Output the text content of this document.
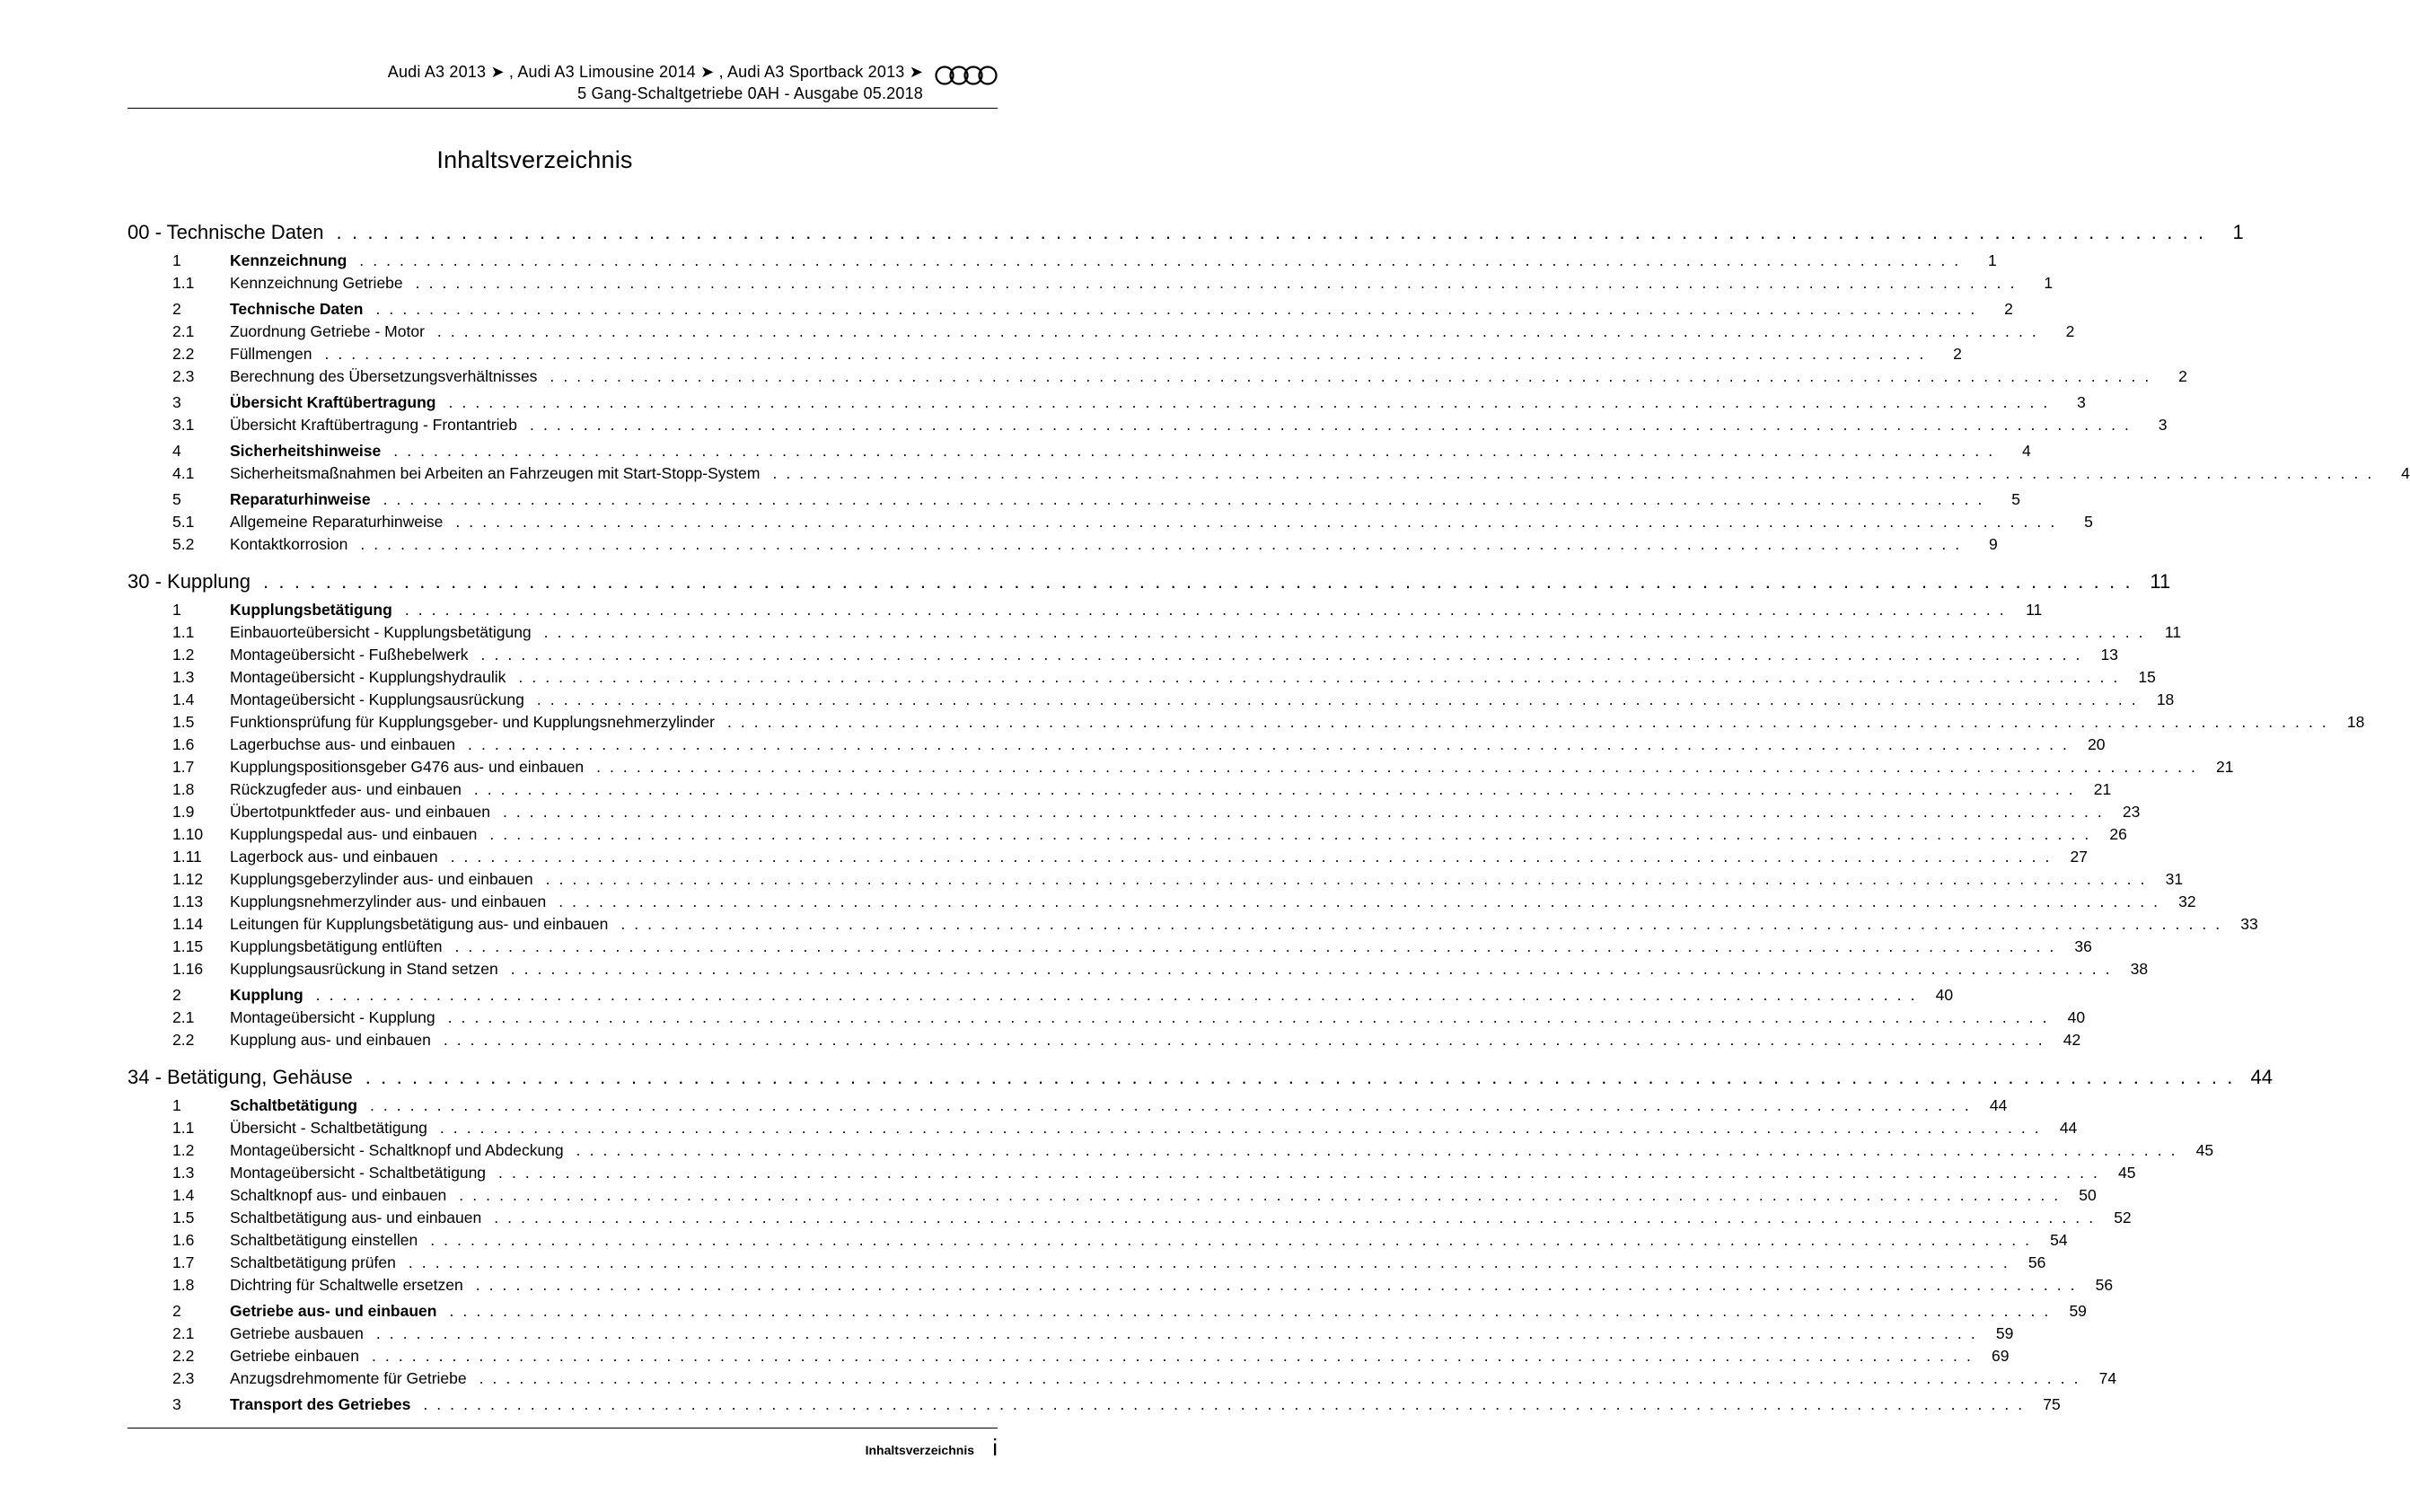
Audi A3 2013 ➤ , Audi A3 Limousine 2014 ➤ , Audi A3 Sportback 2013 ➤
5 Gang-Schaltgetriebe 0AH - Ausgabe 05.2018
Inhaltsverzeichnis
00 - Technische Daten . . . . . . . . . . . . . . . . . . . . . . . . . . . . . . . . . . . . . . . . . . . . . . . . . . . . . . . . . . . . . . . . . . . . . . . . . . . . . . . . . . . . . . . . . . . . . . . . . . . . . . . . . . . . . . . . . . . . . . . .	1
1	Kennzeichnung . . . . . . . . . . . . . . . . . . . . . . . . . . . . . . . . . . . . . . . . . . . . . . . . . . . . . . . . . . . . . . . . . . . . . . . . . . . . . . . . . . . . . . . . . . . . . . . . . . . . . . . . . . . . . . . . . . . . . . . .	1
1.1	Kennzeichnung Getriebe . . . . . . . . . . . . . . . . . . . . . . . . . . . . . . . . . . . . . . . . . . . . . . . . . . . . . . . . . . . . . . . . . . . . . . . . . . . . . . . . . . . . . . . . . . . . . . . . . . . . . . . . . . . . . . . . . . . . . . . .	1
2	Technische Daten . . . . . . . . . . . . . . . . . . . . . . . . . . . . . . . . . . . . . . . . . . . . . . . . . . . . . . . . . . . . . . . . . . . . . . . . . . . . . . . . . . . . . . . . . . . . . . . . . . . . . . . . . . . . . . . . . . . . . . . .	2
2.1	Zuordnung Getriebe - Motor . . . . . . . . . . . . . . . . . . . . . . . . . . . . . . . . . . . . . . . . . . . . . . . . . . . . . . . . . . . . . . . . . . . . . . . . . . . . . . . . . . . . . . . . . . . . . . . . . . . . . . . . . . . . . . . . . . . . . . . .	2
2.2	Füllmengen . . . . . . . . . . . . . . . . . . . . . . . . . . . . . . . . . . . . . . . . . . . . . . . . . . . . . . . . . . . . . . . . . . . . . . . . . . . . . . . . . . . . . . . . . . . . . . . . . . . . . . . . . . . . . . . . . . . . . . . .	2
2.3	Berechnung des Übersetzungsverhältnisses . . . . . . . . . . . . . . . . . . . . . . . . . . . . . . . . . . . . . . . . . . . . . . . . . . . . . . . . . . . . . . . . . . . . . . . . . . . . . . . . . . . . . . . . . . . . . . . . . . . . . . . . . . . . . . . . . . . . . . . .	2
3	Übersicht Kraftübertragung . . . . . . . . . . . . . . . . . . . . . . . . . . . . . . . . . . . . . . . . . . . . . . . . . . . . . . . . . . . . . . . . . . . . . . . . . . . . . . . . . . . . . . . . . . . . . . . . . . . . . . . . . . . . . . . . . . . . . . . .	3
3.1	Übersicht Kraftübertragung - Frontantrieb . . . . . . . . . . . . . . . . . . . . . . . . . . . . . . . . . . . . . . . . . . . . . . . . . . . . . . . . . . . . . . . . . . . . . . . . . . . . . . . . . . . . . . . . . . . . . . . . . . . . . . . . . . . . . . . . . . . . . . . .	3
4	Sicherheitshinweise . . . . . . . . . . . . . . . . . . . . . . . . . . . . . . . . . . . . . . . . . . . . . . . . . . . . . . . . . . . . . . . . . . . . . . . . . . . . . . . . . . . . . . . . . . . . . . . . . . . . . . . . . . . . . . . . . . . . . . . .	4
4.1	Sicherheitsmaßnahmen bei Arbeiten an Fahrzeugen mit Start-Stopp-System . . . . . . . . . . . . . . . . . . . . . . . . . . . . . . . . . . . . . . . . . . . . . . . . . . . . . . . . . . . . . . . . . . . . . . . . . . . . . . . . . . . . . . . . . . . . . . . . . . . . . . . . . . . . . . . . . . . . . . . .	4
5	Reparaturhinweise . . . . . . . . . . . . . . . . . . . . . . . . . . . . . . . . . . . . . . . . . . . . . . . . . . . . . . . . . . . . . . . . . . . . . . . . . . . . . . . . . . . . . . . . . . . . . . . . . . . . . . . . . . . . . . . . . . . . . . . .	5
5.1	Allgemeine Reparaturhinweise . . . . . . . . . . . . . . . . . . . . . . . . . . . . . . . . . . . . . . . . . . . . . . . . . . . . . . . . . . . . . . . . . . . . . . . . . . . . . . . . . . . . . . . . . . . . . . . . . . . . . . . . . . . . . . . . . . . . . . . .	5
5.2	Kontaktkorrosion . . . . . . . . . . . . . . . . . . . . . . . . . . . . . . . . . . . . . . . . . . . . . . . . . . . . . . . . . . . . . . . . . . . . . . . . . . . . . . . . . . . . . . . . . . . . . . . . . . . . . . . . . . . . . . . . . . . . . . . .	9
30 - Kupplung . . . . . . . . . . . . . . . . . . . . . . . . . . . . . . . . . . . . . . . . . . . . . . . . . . . . . . . . . . . . . . . . . . . . . . . . . . . . . . . . . . . . . . . . . . . . . . . . . . . . . . . . . . . . . . . . . . . . . . . . 11
1	Kupplungsbetätigung . . . . . . . . . . . . . . . . . . . . . . . . . . . . . . . . . . . . . . . . . . . . . . . . . . . . . . . . . . . . . . . . . . . . . . . . . . . . . . . . . . . . . . . . . . . . . . . . . . . . . . . . . . . . . . . . . . . . . . . .	11
1.1	Einbauorteübersicht - Kupplungsbetätigung . . . . . . . . . . . . . . . . . . . . . . . . . . . . . . . . . . . . . . . . . . . . . . . . . . . . . . . . . . . . . . . . . . . . . . . . . . . . . . . . . . . . . . . . . . . . . . . . . . . . . . . . . . . . . . . . . . . . . . . .	11
1.2	Montageübersicht - Fußhebelwerk . . . . . . . . . . . . . . . . . . . . . . . . . . . . . . . . . . . . . . . . . . . . . . . . . . . . . . . . . . . . . . . . . . . . . . . . . . . . . . . . . . . . . . . . . . . . . . . . . . . . . . . . . . . . . . . . . . . . . . . .	13
1.3	Montageübersicht - Kupplungshydraulik . . . . . . . . . . . . . . . . . . . . . . . . . . . . . . . . . . . . . . . . . . . . . . . . . . . . . . . . . . . . . . . . . . . . . . . . . . . . . . . . . . . . . . . . . . . . . . . . . . . . . . . . . . . . . . . . . . . . . . . .	15
1.4	Montageübersicht - Kupplungsausrückung . . . . . . . . . . . . . . . . . . . . . . . . . . . . . . . . . . . . . . . . . . . . . . . . . . . . . . . . . . . . . . . . . . . . . . . . . . . . . . . . . . . . . . . . . . . . . . . . . . . . . . . . . . . . . . . . . . . . . . . .	18
1.5	Funktionsprüfung für Kupplungsgeber- und Kupplungsnehmerzylinder . . . . . . . . . . . . . . . . . . . . . . . . . . . . . . . . . . . . . . . . . . . . . . . . . . . . . . . . . . . . . . . . . . . . . . . . . . . . . . . . . . . . . . . . . . . . . . . . . . . . . . . . . . . . . . . . . . . . . . . .	18
1.6	Lagerbuchse aus- und einbauen . . . . . . . . . . . . . . . . . . . . . . . . . . . . . . . . . . . . . . . . . . . . . . . . . . . . . . . . . . . . . . . . . . . . . . . . . . . . . . . . . . . . . . . . . . . . . . . . . . . . . . . . . . . . . . . . . . . . . . . .	20
1.7	Kupplungspositionsgeber G476 aus- und einbauen . . . . . . . . . . . . . . . . . . . . . . . . . . . . . . . . . . . . . . . . . . . . . . . . . . . . . . . . . . . . . . . . . . . . . . . . . . . . . . . . . . . . . . . . . . . . . . . . . . . . . . . . . . . . . . . . . . . . . . . .	21
1.8	Rückzugfeder aus- und einbauen . . . . . . . . . . . . . . . . . . . . . . . . . . . . . . . . . . . . . . . . . . . . . . . . . . . . . . . . . . . . . . . . . . . . . . . . . . . . . . . . . . . . . . . . . . . . . . . . . . . . . . . . . . . . . . . . . . . . . . . .	21
1.9	Übertotpunktfeder aus- und einbauen . . . . . . . . . . . . . . . . . . . . . . . . . . . . . . . . . . . . . . . . . . . . . . . . . . . . . . . . . . . . . . . . . . . . . . . . . . . . . . . . . . . . . . . . . . . . . . . . . . . . . . . . . . . . . . . . . . . . . . . .	23
1.10	Kupplungspedal aus- und einbauen . . . . . . . . . . . . . . . . . . . . . . . . . . . . . . . . . . . . . . . . . . . . . . . . . . . . . . . . . . . . . . . . . . . . . . . . . . . . . . . . . . . . . . . . . . . . . . . . . . . . . . . . . . . . . . . . . . . . . . . .	26
1.11	Lagerbock aus- und einbauen . . . . . . . . . . . . . . . . . . . . . . . . . . . . . . . . . . . . . . . . . . . . . . . . . . . . . . . . . . . . . . . . . . . . . . . . . . . . . . . . . . . . . . . . . . . . . . . . . . . . . . . . . . . . . . . . . . . . . . . .	27
1.12	Kupplungsgeberzylinder aus- und einbauen . . . . . . . . . . . . . . . . . . . . . . . . . . . . . . . . . . . . . . . . . . . . . . . . . . . . . . . . . . . . . . . . . . . . . . . . . . . . . . . . . . . . . . . . . . . . . . . . . . . . . . . . . . . . . . . . . . . . . . . .	31
1.13	Kupplungsnehmerzylinder aus- und einbauen . . . . . . . . . . . . . . . . . . . . . . . . . . . . . . . . . . . . . . . . . . . . . . . . . . . . . . . . . . . . . . . . . . . . . . . . . . . . . . . . . . . . . . . . . . . . . . . . . . . . . . . . . . . . . . . . . . . . . . . .	32
1.14	Leitungen für Kupplungsbetätigung aus- und einbauen . . . . . . . . . . . . . . . . . . . . . . . . . . . . . . . . . . . . . . . . . . . . . . . . . . . . . . . . . . . . . . . . . . . . . . . . . . . . . . . . . . . . . . . . . . . . . . . . . . . . . . . . . . . . . . . . . . . . . . . .	33
1.15	Kupplungsbetätigung entlüften . . . . . . . . . . . . . . . . . . . . . . . . . . . . . . . . . . . . . . . . . . . . . . . . . . . . . . . . . . . . . . . . . . . . . . . . . . . . . . . . . . . . . . . . . . . . . . . . . . . . . . . . . . . . . . . . . . . . . . . .	36
1.16	Kupplungsausrückung in Stand setzen . . . . . . . . . . . . . . . . . . . . . . . . . . . . . . . . . . . . . . . . . . . . . . . . . . . . . . . . . . . . . . . . . . . . . . . . . . . . . . . . . . . . . . . . . . . . . . . . . . . . . . . . . . . . . . . . . . . . . . . .	38
2	Kupplung . . . . . . . . . . . . . . . . . . . . . . . . . . . . . . . . . . . . . . . . . . . . . . . . . . . . . . . . . . . . . . . . . . . . . . . . . . . . . . . . . . . . . . . . . . . . . . . . . . . . . . . . . . . . . . . . . . . . . . . .	40
2.1	Montageübersicht - Kupplung . . . . . . . . . . . . . . . . . . . . . . . . . . . . . . . . . . . . . . . . . . . . . . . . . . . . . . . . . . . . . . . . . . . . . . . . . . . . . . . . . . . . . . . . . . . . . . . . . . . . . . . . . . . . . . . . . . . . . . . .	40
2.2	Kupplung aus- und einbauen . . . . . . . . . . . . . . . . . . . . . . . . . . . . . . . . . . . . . . . . . . . . . . . . . . . . . . . . . . . . . . . . . . . . . . . . . . . . . . . . . . . . . . . . . . . . . . . . . . . . . . . . . . . . . . . . . . . . . . . .	42
34 - Betätigung, Gehäuse . . . . . . . . . . . . . . . . . . . . . . . . . . . . . . . . . . . . . . . . . . . . . . . . . . . . . . . . . . . . . . . . . . . . . . . . . . . . . . . . . . . . . . . . . . . . . . . . . . . . . . . . . . . . . . . . . . . . . . . . 44
1	Schaltbetätigung . . . . . . . . . . . . . . . . . . . . . . . . . . . . . . . . . . . . . . . . . . . . . . . . . . . . . . . . . . . . . . . . . . . . . . . . . . . . . . . . . . . . . . . . . . . . . . . . . . . . . . . . . . . . . . . . . . . . . . . .	44
1.1	Übersicht - Schaltbetätigung . . . . . . . . . . . . . . . . . . . . . . . . . . . . . . . . . . . . . . . . . . . . . . . . . . . . . . . . . . . . . . . . . . . . . . . . . . . . . . . . . . . . . . . . . . . . . . . . . . . . . . . . . . . . . . . . . . . . . . . .	44
1.2	Montageübersicht - Schaltknopf und Abdeckung . . . . . . . . . . . . . . . . . . . . . . . . . . . . . . . . . . . . . . . . . . . . . . . . . . . . . . . . . . . . . . . . . . . . . . . . . . . . . . . . . . . . . . . . . . . . . . . . . . . . . . . . . . . . . . . . . . . . . . . .	45
1.3	Montageübersicht - Schaltbetätigung . . . . . . . . . . . . . . . . . . . . . . . . . . . . . . . . . . . . . . . . . . . . . . . . . . . . . . . . . . . . . . . . . . . . . . . . . . . . . . . . . . . . . . . . . . . . . . . . . . . . . . . . . . . . . . . . . . . . . . . .	45
1.4	Schaltknopf aus- und einbauen . . . . . . . . . . . . . . . . . . . . . . . . . . . . . . . . . . . . . . . . . . . . . . . . . . . . . . . . . . . . . . . . . . . . . . . . . . . . . . . . . . . . . . . . . . . . . . . . . . . . . . . . . . . . . . . . . . . . . . . .	50
1.5	Schaltbetätigung aus- und einbauen . . . . . . . . . . . . . . . . . . . . . . . . . . . . . . . . . . . . . . . . . . . . . . . . . . . . . . . . . . . . . . . . . . . . . . . . . . . . . . . . . . . . . . . . . . . . . . . . . . . . . . . . . . . . . . . . . . . . . . . .	52
1.6	Schaltbetätigung einstellen . . . . . . . . . . . . . . . . . . . . . . . . . . . . . . . . . . . . . . . . . . . . . . . . . . . . . . . . . . . . . . . . . . . . . . . . . . . . . . . . . . . . . . . . . . . . . . . . . . . . . . . . . . . . . . . . . . . . . . . .	54
1.7	Schaltbetätigung prüfen . . . . . . . . . . . . . . . . . . . . . . . . . . . . . . . . . . . . . . . . . . . . . . . . . . . . . . . . . . . . . . . . . . . . . . . . . . . . . . . . . . . . . . . . . . . . . . . . . . . . . . . . . . . . . . . . . . . . . . . .	56
1.8	Dichtring für Schaltwelle ersetzen . . . . . . . . . . . . . . . . . . . . . . . . . . . . . . . . . . . . . . . . . . . . . . . . . . . . . . . . . . . . . . . . . . . . . . . . . . . . . . . . . . . . . . . . . . . . . . . . . . . . . . . . . . . . . . . . . . . . . . . .	56
2	Getriebe aus- und einbauen . . . . . . . . . . . . . . . . . . . . . . . . . . . . . . . . . . . . . . . . . . . . . . . . . . . . . . . . . . . . . . . . . . . . . . . . . . . . . . . . . . . . . . . . . . . . . . . . . . . . . . . . . . . . . . . . . . . . . . . .	59
2.1	Getriebe ausbauen . . . . . . . . . . . . . . . . . . . . . . . . . . . . . . . . . . . . . . . . . . . . . . . . . . . . . . . . . . . . . . . . . . . . . . . . . . . . . . . . . . . . . . . . . . . . . . . . . . . . . . . . . . . . . . . . . . . . . . . .	59
2.2	Getriebe einbauen . . . . . . . . . . . . . . . . . . . . . . . . . . . . . . . . . . . . . . . . . . . . . . . . . . . . . . . . . . . . . . . . . . . . . . . . . . . . . . . . . . . . . . . . . . . . . . . . . . . . . . . . . . . . . . . . . . . . . . . .	69
2.3	Anzugsdrehmomente für Getriebe . . . . . . . . . . . . . . . . . . . . . . . . . . . . . . . . . . . . . . . . . . . . . . . . . . . . . . . . . . . . . . . . . . . . . . . . . . . . . . . . . . . . . . . . . . . . . . . . . . . . . . . . . . . . . . . . . . . . . . . .	74
3	Transport des Getriebes . . . . . . . . . . . . . . . . . . . . . . . . . . . . . . . . . . . . . . . . . . . . . . . . . . . . . . . . . . . . . . . . . . . . . . . . . . . . . . . . . . . . . . . . . . . . . . . . . . . . . . . . . . . . . . . . . . . . . . . .	75
Inhaltsverzeichnis i
